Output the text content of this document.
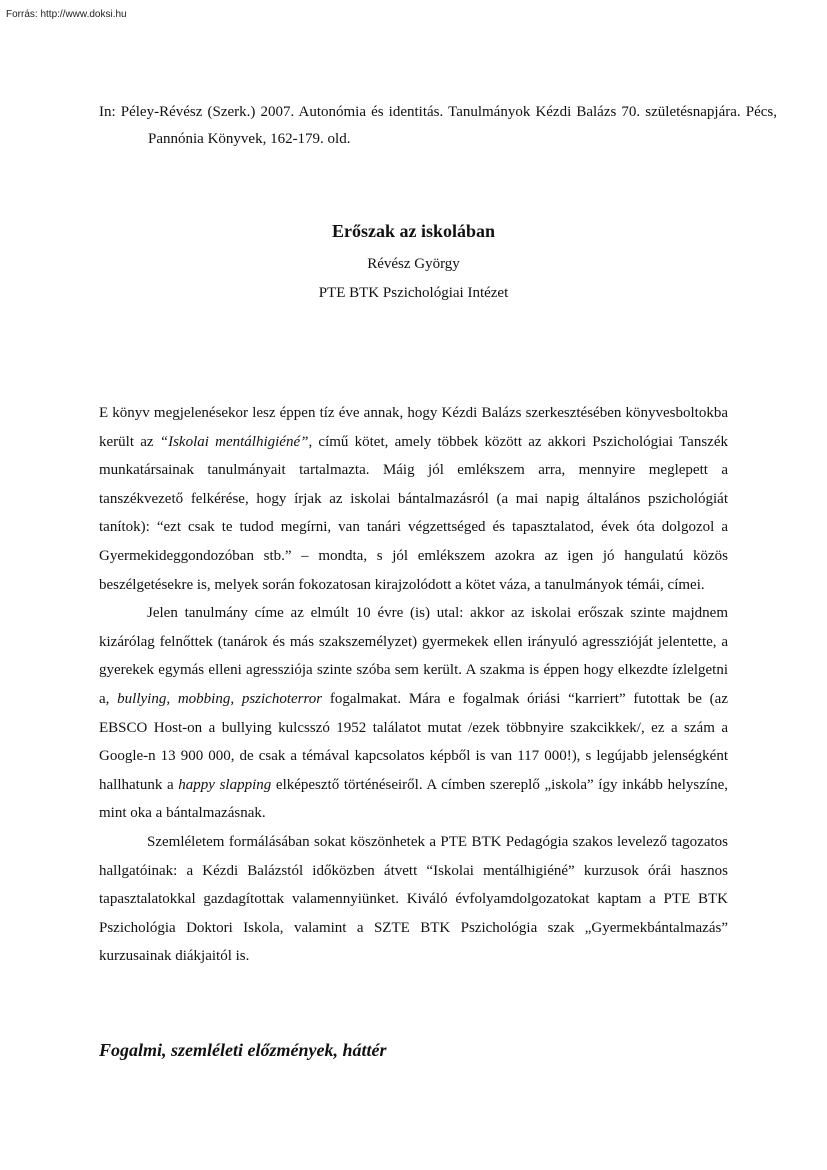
Forrás: http://www.doksi.hu

In: Péley-Révész (Szerk.) 2007. Autonómia és identitás. Tanulmányok Kézdi Balázs 70. születésnapjára. Pécs, Pannónia Könyvek, 162-179. old.

Erőszak az iskolában

Révész György

PTE BTK Pszichológiai Intézet

E könyv megjelenésekor lesz éppen tíz éve annak, hogy Kézdi Balázs szerkesztésében könyvesboltokba került az “Iskolai mentálhigiéné”, című kötet, amely többek között az akkori Pszichológiai Tanszék munkatársainak tanulmányait tartalmazta. Máig jól emlékszem arra, mennyire meglepett a tanszékvezető felkérése, hogy írjak az iskolai bántalmazásról (a mai napig általános pszichológiát tanítok): “ezt csak te tudod megírni, van tanári végzettséged és tapasztalatod, évek óta dolgozol a Gyermekideggondozóban stb.” – mondta, s jól emlékszem azokra az igen jó hangulatú közös beszélgetésekre is, melyek során fokozatosan kirajzolódott a kötet váza, a tanulmányok témái, címei.

Jelen tanulmány címe az elmúlt 10 évre (is) utal: akkor az iskolai erőszak szinte majdnem kizárólag felnőttek (tanárok és más szakszemélyzet) gyermekek ellen irányuló agresszióját jelentette, a gyerekek egymás elleni agressziója szinte szóba sem került. A szakma is éppen hogy elkezdte ízlelgetni a, bullying, mobbing, pszichoterror fogalmakat. Mára e fogalmak óriási “karriert” futottak be (az EBSCO Host-on a bullying kulcsszó 1952 találatot mutat /ezek többnyire szakcikkek/, ez a szám a Google-n 13 900 000, de csak a témával kapcsolatos képből is van 117 000!), s legújabb jelenségként hallhatunk a happy slapping elképesztő történéseiről. A címben szereplő „iskola” így inkább helyszíne, mint oka a bántalmazásnak.

Szemléletem formálásában sokat köszönhetek a PTE BTK Pedagógia szakos levelező tagozatos hallgatóinak: a Kézdi Balázstól időközben átvett “Iskolai mentálhigiéné” kurzusok órái hasznos tapasztalatokkal gazdagítottak valamennyiünket. Kiváló évfolyamdolgozatokat kaptam a PTE BTK Pszichológia Doktori Iskola, valamint a SZTE BTK Pszichológia szak „Gyermekbántalmazás” kurzusainak diákjaitól is.

Fogalmi, szemléleti előzmények, háttér
